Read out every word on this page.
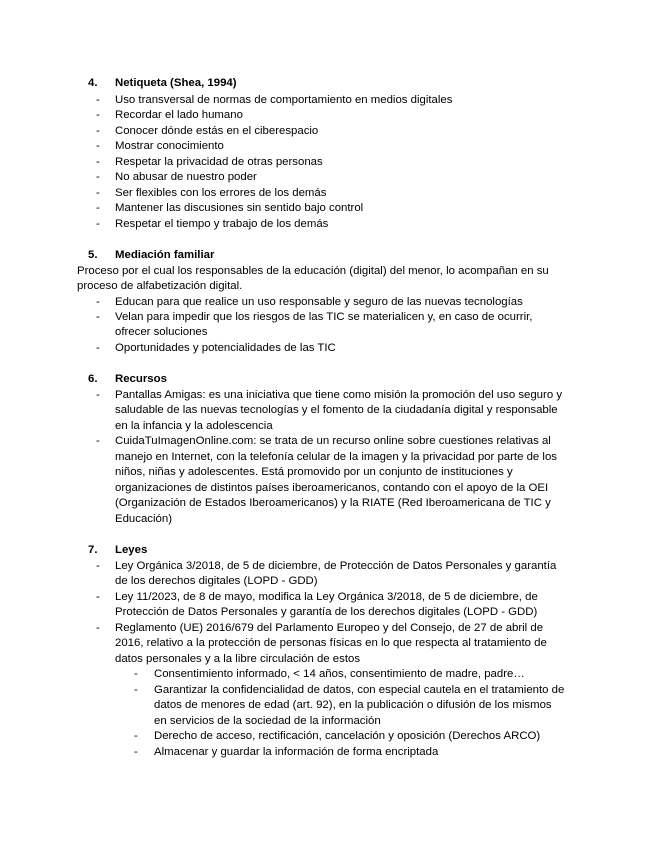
4. Netiqueta (Shea, 1994)
- Uso transversal de normas de comportamiento en medios digitales
- Recordar el lado humano
- Conocer dónde estás en el ciberespacio
- Mostrar conocimiento
- Respetar la privacidad de otras personas
- No abusar de nuestro poder
- Ser flexibles con los errores de los demás
- Mantener las discusiones sin sentido bajo control
- Respetar el tiempo y trabajo de los demás
5. Mediación familiar
Proceso por el cual los responsables de la educación (digital) del menor, lo acompañan en su
proceso de alfabetización digital.
- Educan para que realice un uso responsable y seguro de las nuevas tecnologías
- Velan para impedir que los riesgos de las TIC se materialicen y, en caso de ocurrir,
ofrecer soluciones
- Oportunidades y potencialidades de las TIC
6. Recursos
- Pantallas Amigas: es una iniciativa que tiene como misión la promoción del uso seguro y
saludable de las nuevas tecnologías y el fomento de la ciudadanía digital y responsable
en la infancia y la adolescencia
- CuidaTuImagenOnline.com: se trata de un recurso online sobre cuestiones relativas al
manejo en Internet, con la telefonía celular de la imagen y la privacidad por parte de los
niños, niñas y adolescentes. Está promovido por un conjunto de instituciones y
organizaciones de distintos países iberoamericanos, contando con el apoyo de la OEI
(Organización de Estados Iberoamericanos) y la RIATE (Red Iberoamericana de TIC y
Educación)
7. Leyes
- Ley Orgánica 3/2018, de 5 de diciembre, de Protección de Datos Personales y garantía
de los derechos digitales (LOPD - GDD)
- Ley 11/2023, de 8 de mayo, modifica la Ley Orgánica 3/2018, de 5 de diciembre, de
Protección de Datos Personales y garantía de los derechos digitales (LOPD - GDD)
- Reglamento (UE) 2016/679 del Parlamento Europeo y del Consejo, de 27 de abril de
2016, relativo a la protección de personas físicas en lo que respecta al tratamiento de
datos personales y a la libre circulación de estos
- Consentimiento informado, < 14 años, consentimiento de madre, padre…
- Garantizar la confidencialidad de datos, con especial cautela en el tratamiento de
datos de menores de edad (art. 92), en la publicación o difusión de los mismos
en servicios de la sociedad de la información
- Derecho de acceso, rectificación, cancelación y oposición (Derechos ARCO)
- Almacenar y guardar la información de forma encriptada
